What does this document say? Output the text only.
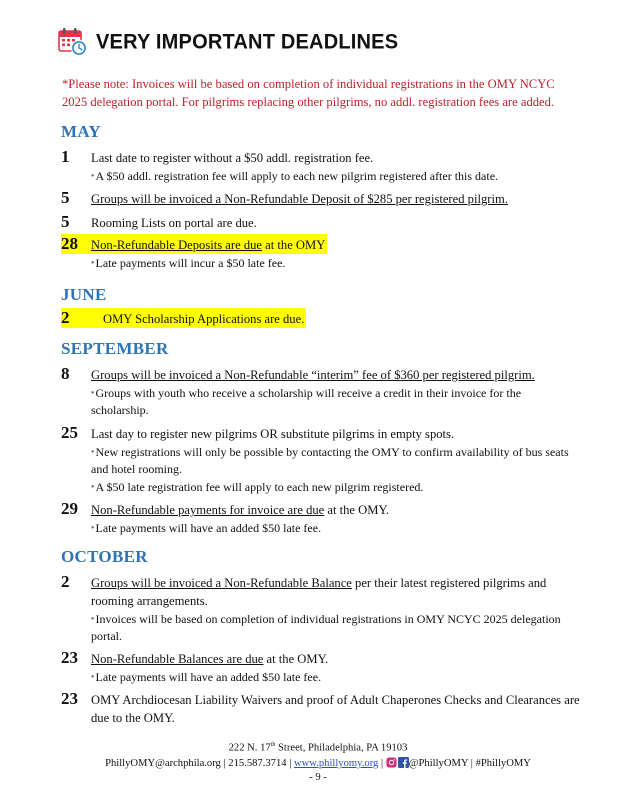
VERY IMPORTANT DEADLINES
*Please note: Invoices will be based on completion of individual registrations in the OMY NCYC 2025 delegation portal. For pilgrims replacing other pilgrims, no addl. registration fees are added.
MAY
1	Last date to register without a $50 addl. registration fee.
*A $50 addl. registration fee will apply to each new pilgrim registered after this date.
5	Groups will be invoiced a Non-Refundable Deposit of $285 per registered pilgrim.
5	Rooming Lists on portal are due.
28	Non-Refundable Deposits are due at the OMY
*Late payments will incur a $50 late fee.
JUNE
2	OMY Scholarship Applications are due.
SEPTEMBER
8	Groups will be invoiced a Non-Refundable “interim” fee of $360 per registered pilgrim.
*Groups with youth who receive a scholarship will receive a credit in their invoice for the scholarship.
25	Last day to register new pilgrims OR substitute pilgrims in empty spots.
*New registrations will only be possible by contacting the OMY to confirm availability of bus seats and hotel rooming.
*A $50 late registration fee will apply to each new pilgrim registered.
29	Non-Refundable payments for invoice are due at the OMY.
*Late payments will have an added $50 late fee.
OCTOBER
2	Groups will be invoiced a Non-Refundable Balance per their latest registered pilgrims and rooming arrangements.
*Invoices will be based on completion of individual registrations in OMY NCYC 2025 delegation portal.
23	Non-Refundable Balances are due at the OMY.
*Late payments will have an added $50 late fee.
23	OMY Archdiocesan Liability Waivers and proof of Adult Chaperones Checks and Clearances are due to the OMY.
222 N. 17th Street, Philadelphia, PA 19103
PhillyOMY@archphila.org | 215.587.3714 | www.phillyomy.org | @PhillyOMY | #PhillyOMY
- 9 -
